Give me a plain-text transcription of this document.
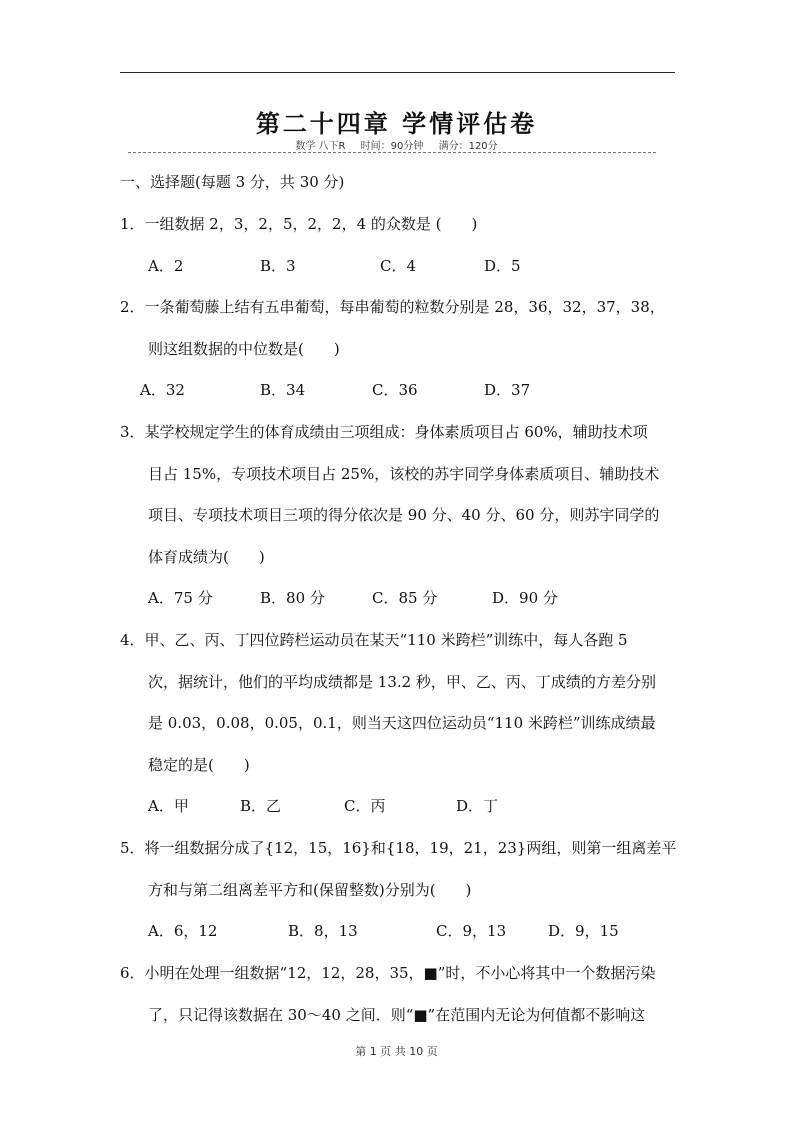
第二十四章 学情评估卷
数学 八下R 时间：90分钟 满分：120分
一、选择题(每题 3 分，共 30 分)
1．一组数据 2，3，2，5，2，2，4 的众数是 (　　)
A．2	B．3	C．4	D．5
2．一条葡萄藤上结有五串葡萄，每串葡萄的粒数分别是 28，36，32，37，38，
则这组数据的中位数是(　　)
A．32	B．34	C．36	D．37
3．某学校规定学生的体育成绩由三项组成：身体素质项目占 60%，辅助技术项
目占 15%，专项技术项目占 25%，该校的苏宇同学身体素质项目、辅助技术
项目、专项技术项目三项的得分依次是 90 分、40 分、60 分，则苏宇同学的
体育成绩为(　　)
A．75 分	B．80 分	C．85 分	D．90 分
4．甲、乙、丙、丁四位跨栏运动员在某天“110 米跨栏”训练中，每人各跑 5
次，据统计，他们的平均成绩都是 13.2 秒，甲、乙、丙、丁成绩的方差分别
是 0.03，0.08，0.05，0.1，则当天这四位运动员“110 米跨栏”训练成绩最
稳定的是(　　)
A．甲	B．乙	C．丙	D．丁
5．将一组数据分成了{12，15，16}和{18，19，21，23}两组，则第一组离差平
方和与第二组离差平方和(保留整数)分别为(　　)
A．6，12	B．8，13	C．9，13	D．9，15
6．小明在处理一组数据“12，12，28，35，■”时，不小心将其中一个数据污染
了，只记得该数据在 30～40 之间．则“■”在范围内无论为何值都不影响这
第 1 页 共 10 页
